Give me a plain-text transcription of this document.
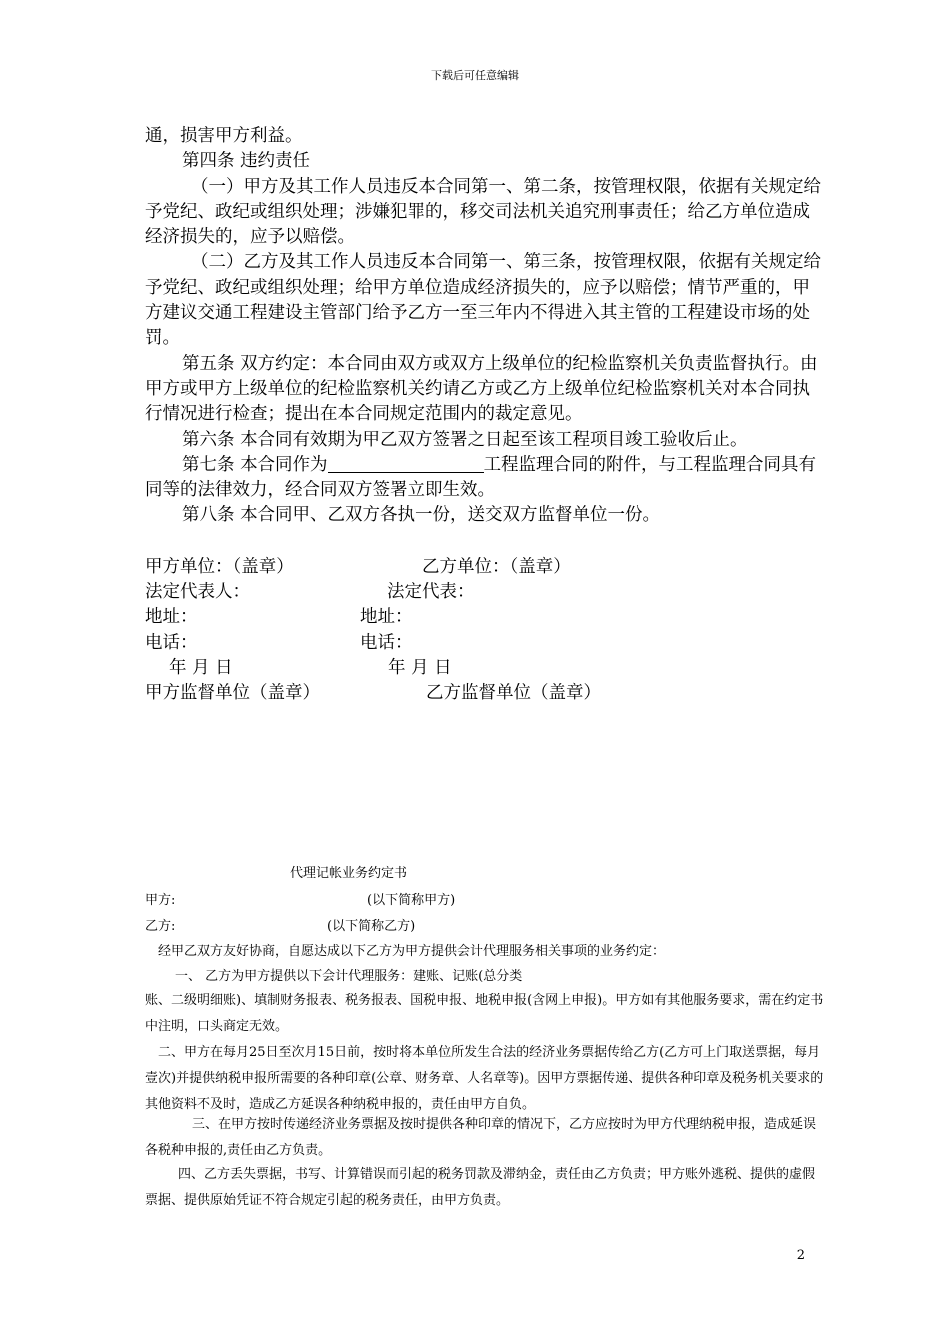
下载后可任意编辑

通，损害甲方利益。

第四条 违约责任

（一）甲方及其工作人员违反本合同第一、第二条，按管理权限，依据有关规定给予党纪、政纪或组织处理；涉嫌犯罪的，移交司法机关追究刑事责任；给乙方单位造成经济损失的，应予以赔偿。

（二）乙方及其工作人员违反本合同第一、第三条，按管理权限，依据有关规定给予党纪、政纪或组织处理；给甲方单位造成经济损失的，应予以赔偿；情节严重的，甲方建议交通工程建设主管部门给予乙方一至三年内不得进入其主管的工程建设市场的处罚。

第五条 双方约定：本合同由双方或双方上级单位的纪检监察机关负责监督执行。由甲方或甲方上级单位的纪检监察机关约请乙方或乙方上级单位纪检监察机关对本合同执行情况进行检查；提出在本合同规定范围内的裁定意见。

第六条 本合同有效期为甲乙双方签署之日起至该工程项目竣工验收后止。

第七条 本合同作为	工程监理合同的附件，与工程监理合同具有同等的法律效力，经合同双方签署立即生效。

第八条 本合同甲、乙双方各执一份，送交双方监督单位一份。

甲方单位：（盖章）	乙方单位：（盖章）
法定代表人：	法定代表：
地址：	地址：
电话：	电话：
年 月 日	年 月 日
甲方监督单位（盖章）	乙方监督单位（盖章）
代理记帐业务约定书
甲方:	(以下简称甲方)
乙方:	(以下简称乙方)
经甲乙双方友好协商，自愿达成以下乙方为甲方提供会计代理服务相关事项的业务约定：
一、 乙方为甲方提供以下会计代理服务：建账、记账(总分类
账、二级明细账)、填制财务报表、税务报表、国税申报、地税申报(含网上申报)。甲方如有其他服务要求，需在约定书中注明，口头商定无效。
二、甲方在每月25日至次月15日前，按时将本单位所发生合法的经济业务票据传给乙方(乙方可上门取送票据，每月壹次)并提供纳税申报所需要的各种印章(公章、财务章、人名章等)。因甲方票据传递、提供各种印章及税务机关要求的其他资料不及时，造成乙方延误各种纳税申报的，责任由甲方自负。
三、在甲方按时传递经济业务票据及按时提供各种印章的情况下，乙方应按时为甲方代理纳税申报，造成延误各税种申报的,责任由乙方负责。
四、乙方丢失票据，书写、计算错误而引起的税务罚款及滞纳金，责任由乙方负责；甲方账外逃税、提供的虚假票据、提供原始凭证不符合规定引起的税务责任，由甲方负责。
2
